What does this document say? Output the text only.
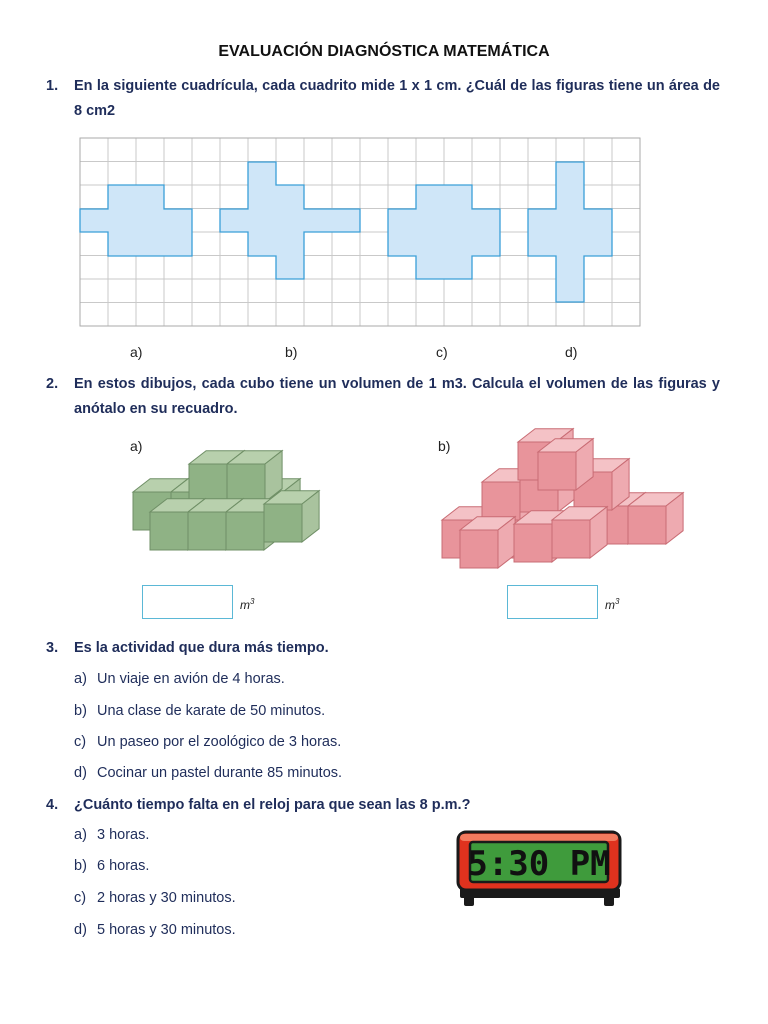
EVALUACIÓN DIAGNÓSTICA MATEMÁTICA
1.	En la siguiente cuadrícula, cada cuadrito mide 1 x 1 cm. ¿Cuál de las figuras tiene un área de 8 cm2
a)	b)	c)	d)
2.	En estos dibujos, cada cubo tiene un volumen de 1 m3. Calcula el volumen de las figuras y anótalo en su recuadro.
a)	b)
$m^3$	$m^3$
3.	Es la actividad que dura más tiempo.
a) Un viaje en avión de 4 horas.
b) Una clase de karate de 50 minutos.
c) Un paseo por el zoológico de 3 horas.
d) Cocinar un pastel durante 85 minutos.
4.	¿Cuánto tiempo falta en el reloj para que sean las 8 p.m.?
a) 3 horas.
b) 6 horas.
c) 2 horas y 30 minutos.
d) 5 horas y 30 minutos.
5:30 PM
